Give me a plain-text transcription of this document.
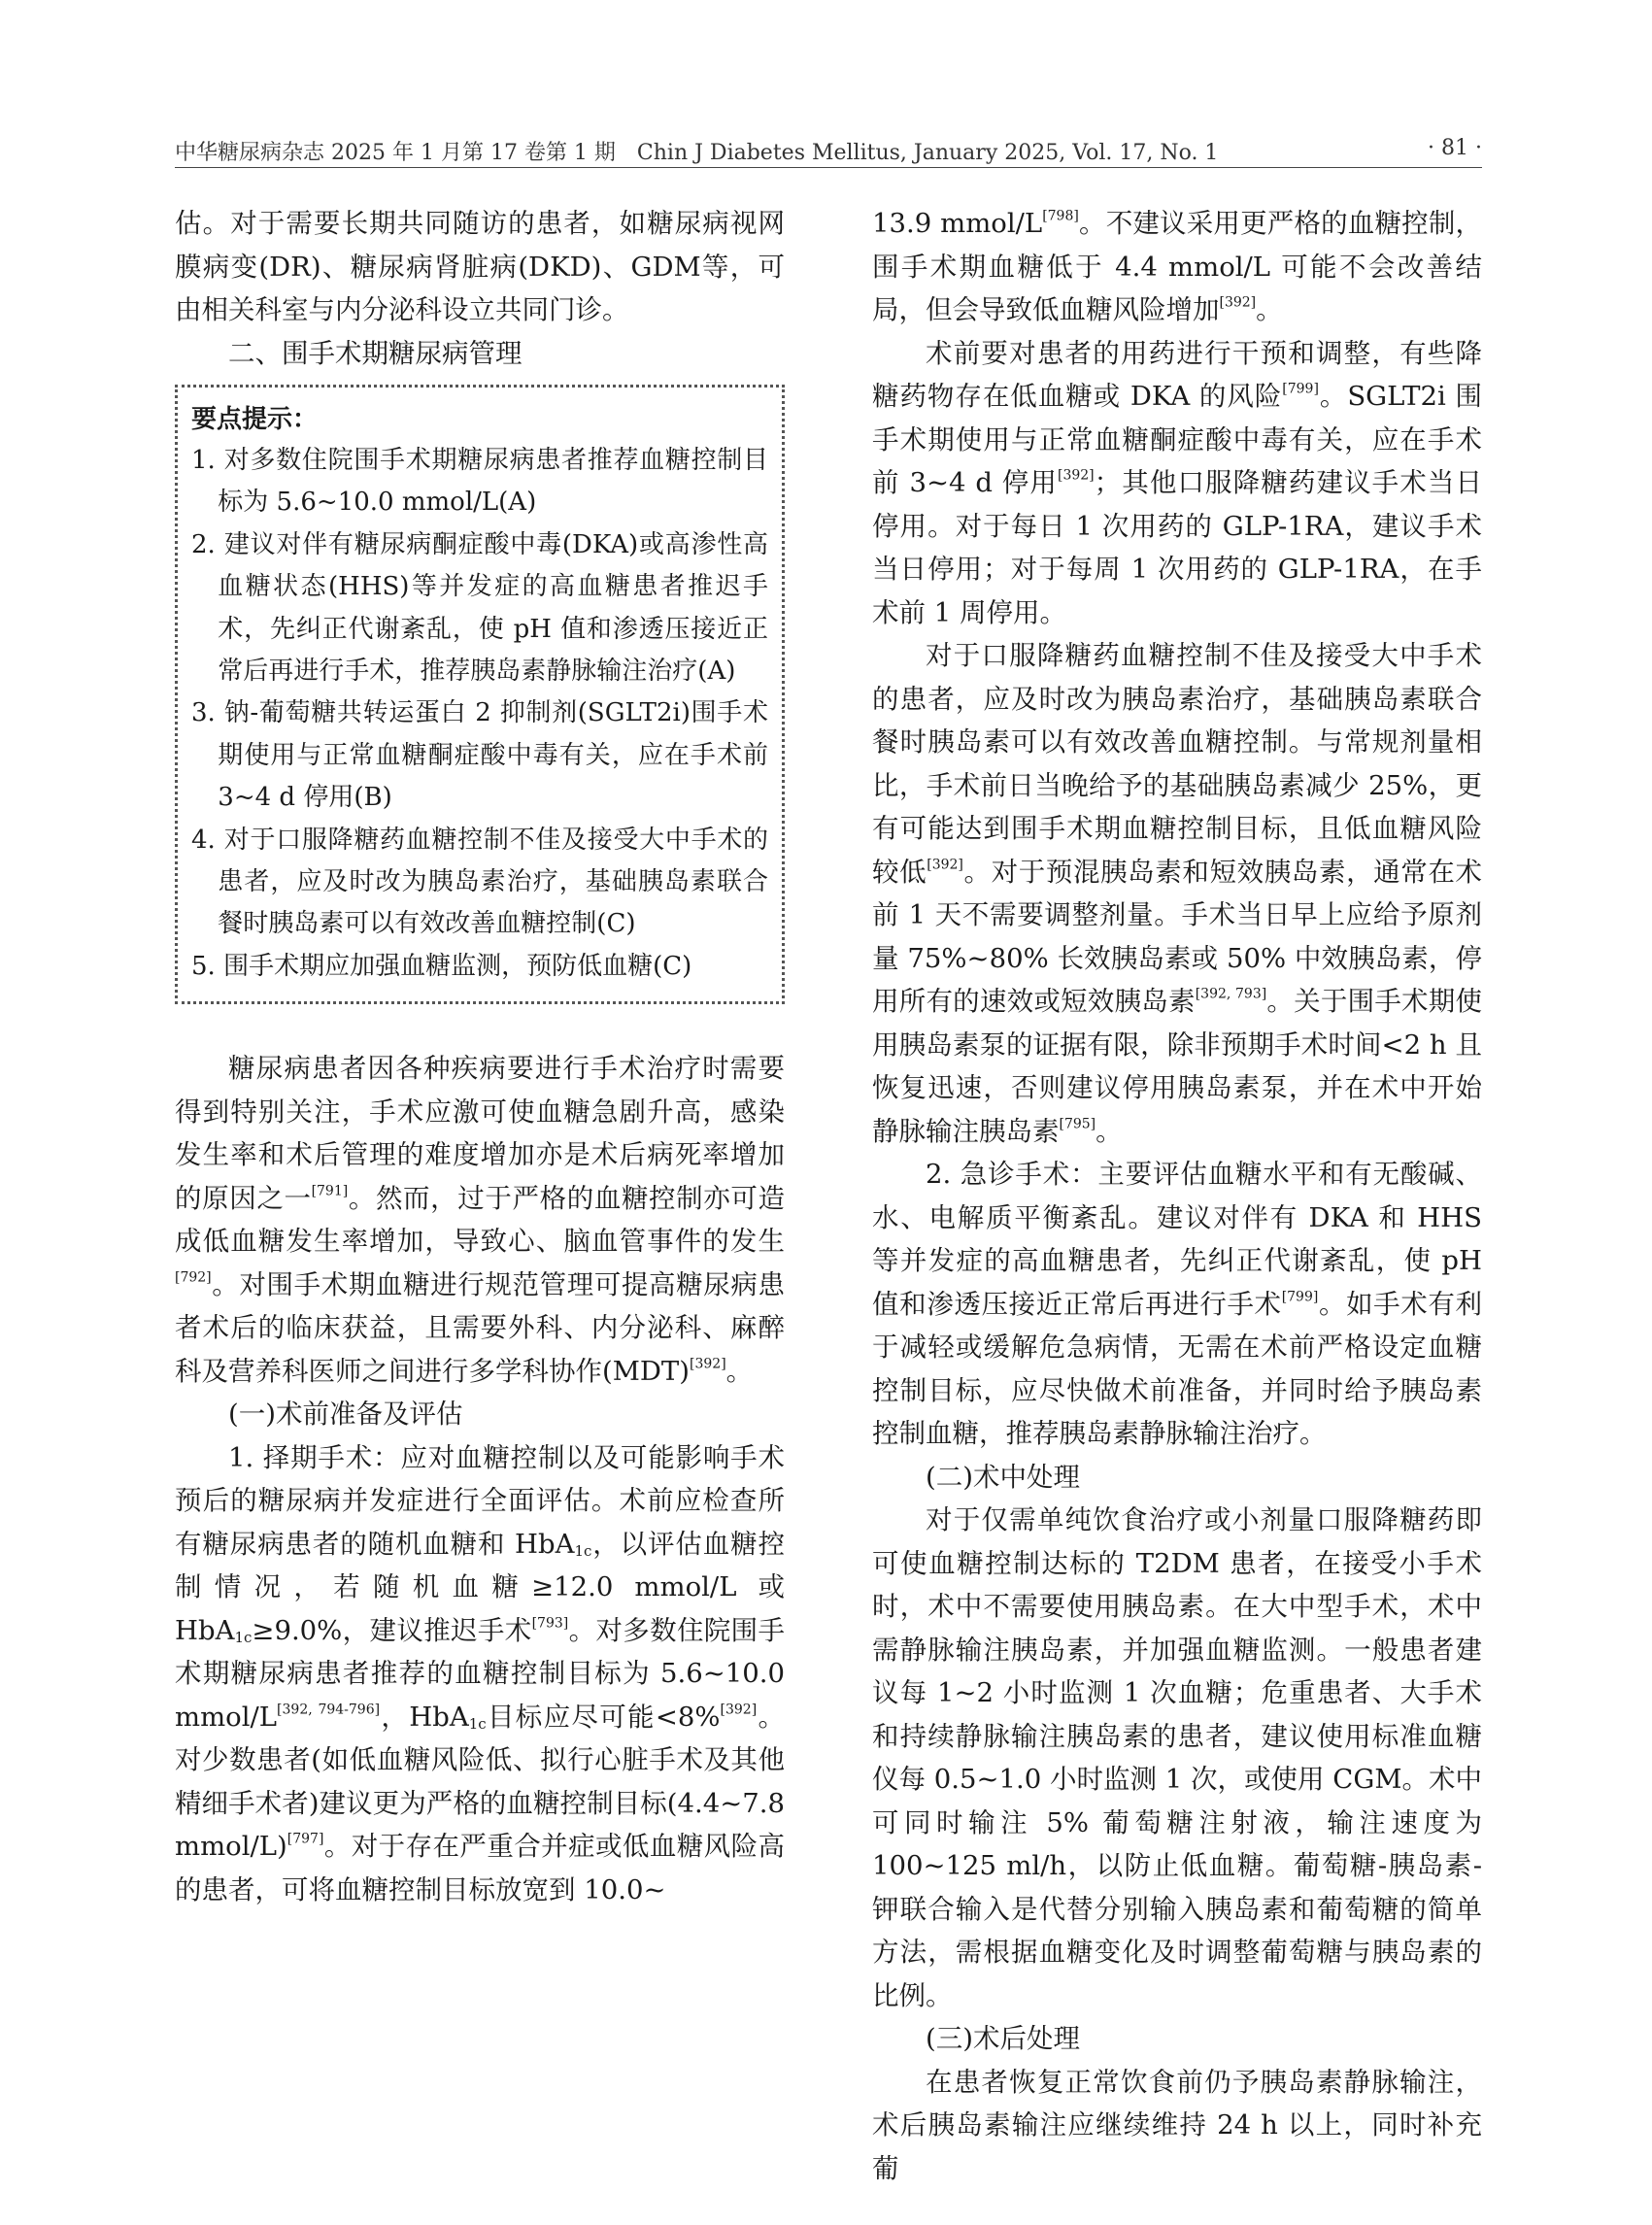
中华糖尿病杂志 2025 年 1 月第 17 卷第 1 期　Chin J Diabetes Mellitus, January 2025, Vol. 17, No. 1	· 81 ·

估。对于需要长期共同随访的患者，如糖尿病视网膜病变(DR)、糖尿病肾脏病(DKD)、GDM等，可由相关科室与内分泌科设立共同门诊。

二、围手术期糖尿病管理

要点提示：

1. 对多数住院围手术期糖尿病患者推荐血糖控制目标为 5.6~10.0 mmol/L(A)

2. 建议对伴有糖尿病酮症酸中毒(DKA)或高渗性高血糖状态(HHS)等并发症的高血糖患者推迟手术，先纠正代谢紊乱，使 pH 值和渗透压接近正常后再进行手术，推荐胰岛素静脉输注治疗(A)

3. 钠-葡萄糖共转运蛋白 2 抑制剂(SGLT2i)围手术期使用与正常血糖酮症酸中毒有关，应在手术前 3~4 d 停用(B)

4. 对于口服降糖药血糖控制不佳及接受大中手术的患者，应及时改为胰岛素治疗，基础胰岛素联合餐时胰岛素可以有效改善血糖控制(C)

5. 围手术期应加强血糖监测，预防低血糖(C)

糖尿病患者因各种疾病要进行手术治疗时需要得到特别关注，手术应激可使血糖急剧升高，感染发生率和术后管理的难度增加亦是术后病死率增加的原因之一[791]。然而，过于严格的血糖控制亦可造成低血糖发生率增加，导致心、脑血管事件的发生[792]。对围手术期血糖进行规范管理可提高糖尿病患者术后的临床获益，且需要外科、内分泌科、麻醉科及营养科医师之间进行多学科协作(MDT)[392]。

(一)术前准备及评估

1. 择期手术：应对血糖控制以及可能影响手术预后的糖尿病并发症进行全面评估。术前应检查所有糖尿病患者的随机血糖和 HbA$_{1c}$，以评估血糖控制情况，若随机血糖≥12.0 mmol/L 或 HbA$_{1c}$≥9.0%，建议推迟手术[793]。对多数住院围手术期糖尿病患者推荐的血糖控制目标为 5.6~10.0 mmol/L[392, 794-796]，HbA$_{1c}$目标应尽可能<8%[392]。对少数患者(如低血糖风险低、拟行心脏手术及其他精细手术者)建议更为严格的血糖控制目标(4.4~7.8 mmol/L)[797]。对于存在严重合并症或低血糖风险高的患者，可将血糖控制目标放宽到 10.0~

13.9 mmol/L[798]。不建议采用更严格的血糖控制，围手术期血糖低于 4.4 mmol/L 可能不会改善结局，但会导致低血糖风险增加[392]。

术前要对患者的用药进行干预和调整，有些降糖药物存在低血糖或 DKA 的风险[799]。SGLT2i 围手术期使用与正常血糖酮症酸中毒有关，应在手术前 3~4 d 停用[392]；其他口服降糖药建议手术当日停用。对于每日 1 次用药的 GLP-1RA，建议手术当日停用；对于每周 1 次用药的 GLP-1RA，在手术前 1 周停用。

对于口服降糖药血糖控制不佳及接受大中手术的患者，应及时改为胰岛素治疗，基础胰岛素联合餐时胰岛素可以有效改善血糖控制。与常规剂量相比，手术前日当晚给予的基础胰岛素减少 25%，更有可能达到围手术期血糖控制目标，且低血糖风险较低[392]。对于预混胰岛素和短效胰岛素，通常在术前 1 天不需要调整剂量。手术当日早上应给予原剂量 75%~80% 长效胰岛素或 50% 中效胰岛素，停用所有的速效或短效胰岛素[392, 793]。关于围手术期使用胰岛素泵的证据有限，除非预期手术时间<2 h 且恢复迅速，否则建议停用胰岛素泵，并在术中开始静脉输注胰岛素[795]。

2. 急诊手术：主要评估血糖水平和有无酸碱、水、电解质平衡紊乱。建议对伴有 DKA 和 HHS 等并发症的高血糖患者，先纠正代谢紊乱，使 pH 值和渗透压接近正常后再进行手术[799]。如手术有利于减轻或缓解危急病情，无需在术前严格设定血糖控制目标，应尽快做术前准备，并同时给予胰岛素控制血糖，推荐胰岛素静脉输注治疗。

(二)术中处理

对于仅需单纯饮食治疗或小剂量口服降糖药即可使血糖控制达标的 T2DM 患者，在接受小手术时，术中不需要使用胰岛素。在大中型手术，术中需静脉输注胰岛素，并加强血糖监测。一般患者建议每 1~2 小时监测 1 次血糖；危重患者、大手术和持续静脉输注胰岛素的患者，建议使用标准血糖仪每 0.5~1.0 小时监测 1 次，或使用 CGM。术中可同时输注 5% 葡萄糖注射液，输注速度为 100~125 ml/h，以防止低血糖。葡萄糖-胰岛素-钾联合输入是代替分别输入胰岛素和葡萄糖的简单方法，需根据血糖变化及时调整葡萄糖与胰岛素的比例。

(三)术后处理

在患者恢复正常饮食前仍予胰岛素静脉输注，术后胰岛素输注应继续维持 24 h 以上，同时补充葡
